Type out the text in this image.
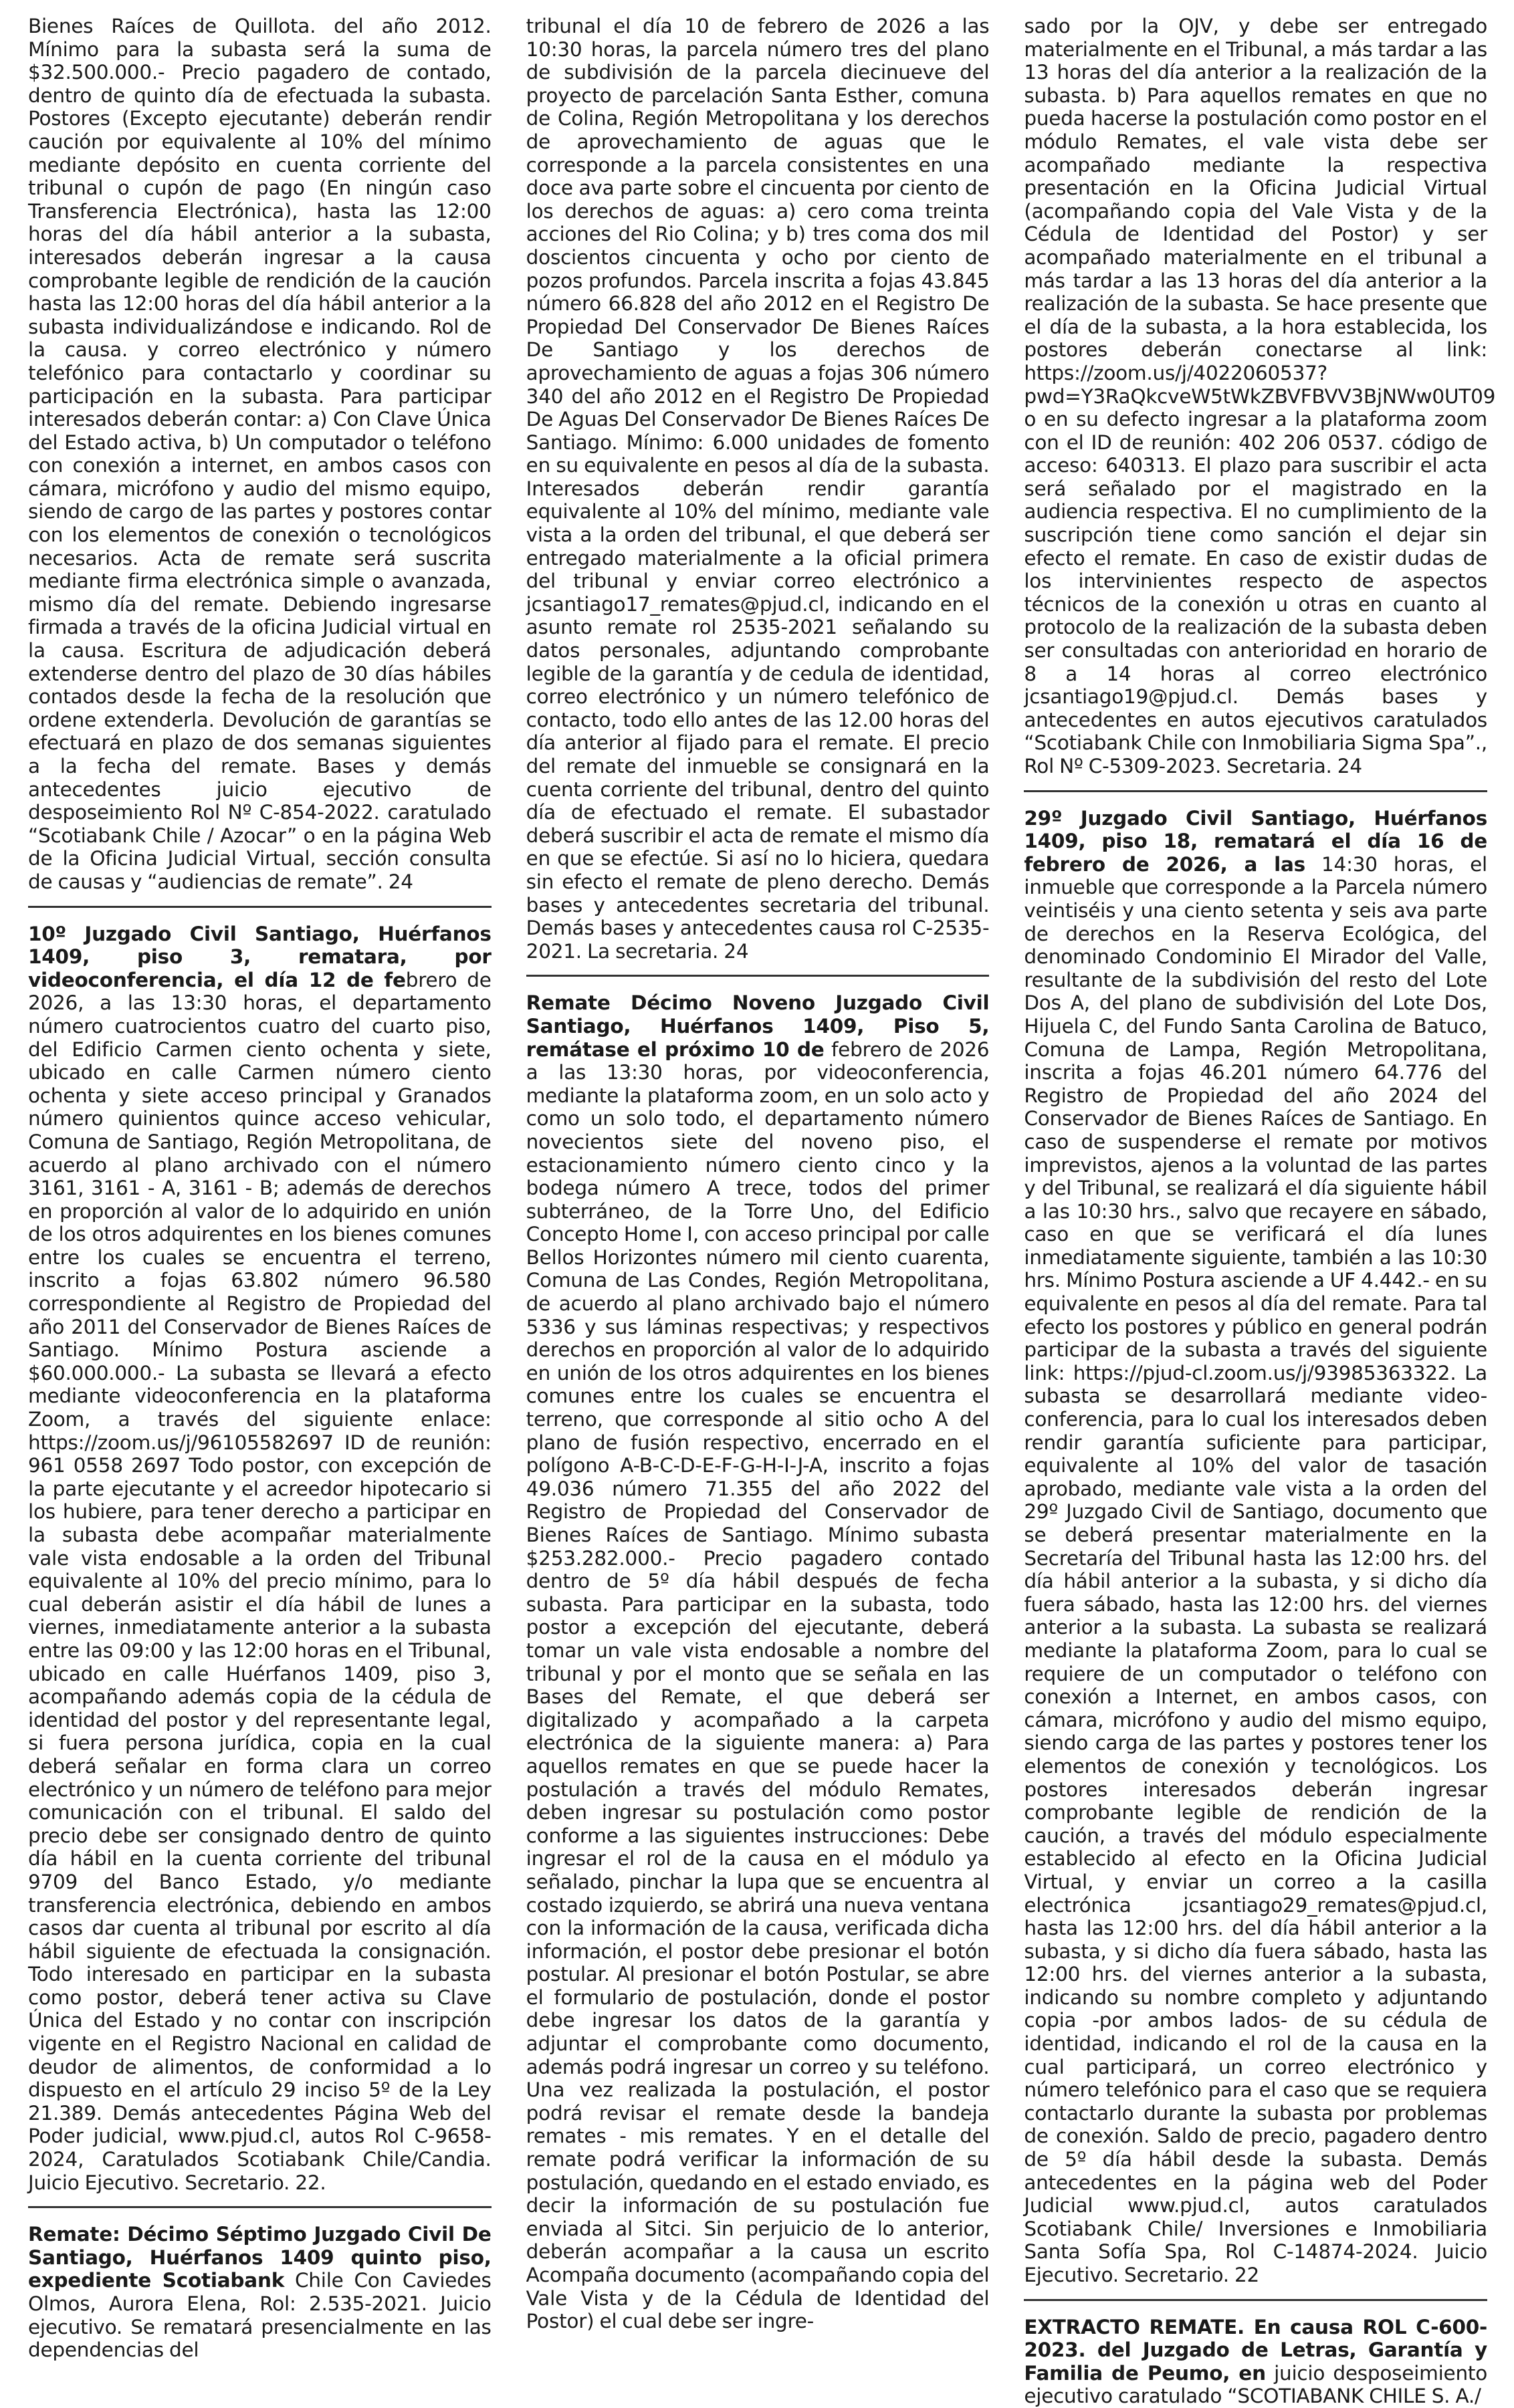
Bienes Raíces de Quillota. del año 2012. Mínimo para la subasta será la suma de $32.500.000.- Precio pagadero de contado, dentro de quinto día de efectuada la subasta. Postores (Excepto ejecutante) deberán rendir caución por equivalente al 10% del mínimo mediante depósito en cuenta corriente del tribunal o cupón de pago (En ningún caso Transferencia Electrónica), hasta las 12:00 horas del día hábil anterior a la subasta, interesados deberán ingresar a la causa comprobante legible de rendición de la caución hasta las 12:00 horas del día hábil anterior a la subasta individualizándose e indicando. Rol de la causa. y correo electrónico y número telefónico para contactarlo y coordinar su participación en la subasta. Para participar interesados deberán contar: a) Con Clave Única del Estado activa, b) Un computador o teléfono con conexión a internet, en ambos casos con cámara, micrófono y audio del mismo equipo, siendo de cargo de las partes y postores contar con los elementos de conexión o tecnológicos necesarios. Acta de remate será suscrita mediante firma electrónica simple o avanzada, mismo día del remate. Debiendo ingresarse firmada a través de la oficina Judicial virtual en la causa. Escritura de adjudicación deberá extenderse dentro del plazo de 30 días hábiles contados desde la fecha de la resolución que ordene extenderla. Devolución de garantías se efectuará en plazo de dos semanas siguientes a la fecha del remate. Bases y demás antecedentes juicio ejecutivo de desposeimiento Rol Nº C-854-2022. caratulado “Scotiabank Chile / Azocar” o en la página Web de la Oficina Judicial Virtual, sección consulta de causas y “audiencias de remate”. 24

10º Juzgado Civil Santiago, Huérfanos 1409, piso 3, rematara, por videoconferencia, el día 12 de febrero de 2026, a las 13:30 horas, el departamento número cuatrocientos cuatro del cuarto piso, del Edificio Carmen ciento ochenta y siete, ubicado en calle Carmen número ciento ochenta y siete acceso principal y Granados número quinientos quince acceso vehicular, Comuna de Santiago, Región Metropolitana, de acuerdo al plano archivado con el número 3161, 3161 - A, 3161 - B; además de derechos en proporción al valor de lo adquirido en unión de los otros adquirentes en los bienes comunes entre los cuales se encuentra el terreno, inscrito a fojas 63.802 número 96.580 correspondiente al Registro de Propiedad del año 2011 del Conservador de Bienes Raíces de Santiago. Mínimo Postura asciende a $60.000.000.- La subasta se llevará a efecto mediante videoconferencia en la plataforma Zoom, a través del siguiente enlace: https://zoom.us/j/96105582697 ID de reunión: 961 0558 2697 Todo postor, con excepción de la parte ejecutante y el acreedor hipotecario si los hubiere, para tener derecho a participar en la subasta debe acompañar materialmente vale vista endosable a la orden del Tribunal equivalente al 10% del precio mínimo, para lo cual deberán asistir el día hábil de lunes a viernes, inmediatamente anterior a la subasta entre las 09:00 y las 12:00 horas en el Tribunal, ubicado en calle Huérfanos 1409, piso 3, acompañando además copia de la cédula de identidad del postor y del representante legal, si fuera persona jurídica, copia en la cual deberá señalar en forma clara un correo electrónico y un número de teléfono para mejor comunicación con el tribunal. El saldo del precio debe ser consignado dentro de quinto día hábil en la cuenta corriente del tribunal 9709 del Banco Estado, y/o mediante transferencia electrónica, debiendo en ambos casos dar cuenta al tribunal por escrito al día hábil siguiente de efectuada la consignación. Todo interesado en participar en la subasta como postor, deberá tener activa su Clave Única del Estado y no contar con inscripción vigente en el Registro Nacional en calidad de deudor de alimentos, de conformidad a lo dispuesto en el artículo 29 inciso 5º de la Ley 21.389. Demás antecedentes Página Web del Poder judicial, www.pjud.cl, autos Rol C-9658-2024, Caratulados Scotiabank Chile/Candia. Juicio Ejecutivo. Secretario. 22.

Remate: Décimo Séptimo Juzgado Civil De Santiago, Huérfanos 1409 quinto piso, expediente Scotiabank Chile Con Caviedes Olmos, Aurora Elena, Rol: 2.535-2021. Juicio ejecutivo. Se rematará presencialmente en las dependencias del

tribunal el día 10 de febrero de 2026 a las 10:30 horas, la parcela número tres del plano de subdivisión de la parcela diecinueve del proyecto de parcelación Santa Esther, comuna de Colina, Región Metropolitana y los derechos de aprovechamiento de aguas que le corresponde a la parcela consistentes en una doce ava parte sobre el cincuenta por ciento de los derechos de aguas: a) cero coma treinta acciones del Rio Colina; y b) tres coma dos mil doscientos cincuenta y ocho por ciento de pozos profundos. Parcela inscrita a fojas 43.845 número 66.828 del año 2012 en el Registro De Propiedad Del Conservador De Bienes Raíces De Santiago y los derechos de aprovechamiento de aguas a fojas 306 número 340 del año 2012 en el Registro De Propiedad De Aguas Del Conservador De Bienes Raíces De Santiago. Mínimo: 6.000 unidades de fomento en su equivalente en pesos al día de la subasta. Interesados deberán rendir garantía equivalente al 10% del mínimo, mediante vale vista a la orden del tribunal, el que deberá ser entregado materialmente a la oficial primera del tribunal y enviar correo electrónico a jcsantiago17_remates@pjud.cl, indicando en el asunto remate rol 2535-2021 señalando su datos personales, adjuntando comprobante legible de la garantía y de cedula de identidad, correo electrónico y un número telefónico de contacto, todo ello antes de las 12.00 horas del día anterior al fijado para el remate. El precio del remate del inmueble se consignará en la cuenta corriente del tribunal, dentro del quinto día de efectuado el remate. El subastador deberá suscribir el acta de remate el mismo día en que se efectúe. Si así no lo hiciera, quedara sin efecto el remate de pleno derecho. Demás bases y antecedentes secretaria del tribunal. Demás bases y antecedentes causa rol C-2535-2021. La secretaria. 24

Remate Décimo Noveno Juzgado Civil Santiago, Huérfanos 1409, Piso 5, remátase el próximo 10 de febrero de 2026 a las 13:30 horas, por videoconferencia, mediante la plataforma zoom, en un solo acto y como un solo todo, el departamento número novecientos siete del noveno piso, el estacionamiento número ciento cinco y la bodega número A trece, todos del primer subterráneo, de la Torre Uno, del Edificio Concepto Home I, con acceso principal por calle Bellos Horizontes número mil ciento cuarenta, Comuna de Las Condes, Región Metropolitana, de acuerdo al plano archivado bajo el número 5336 y sus láminas respectivas; y respectivos derechos en proporción al valor de lo adquirido en unión de los otros adquirentes en los bienes comunes entre los cuales se encuentra el terreno, que corresponde al sitio ocho A del plano de fusión respectivo, encerrado en el polígono A-B-C-D-E-F-G-H-I-J-A, inscrito a fojas 49.036 número 71.355 del año 2022 del Registro de Propiedad del Conservador de Bienes Raíces de Santiago. Mínimo subasta $253.282.000.- Precio pagadero contado dentro de 5º día hábil después de fecha subasta. Para participar en la subasta, todo postor a excepción del ejecutante, deberá tomar un vale vista endosable a nombre del tribunal y por el monto que se señala en las Bases del Remate, el que deberá ser digitalizado y acompañado a la carpeta electrónica de la siguiente manera: a) Para aquellos remates en que se puede hacer la postulación a través del módulo Remates, deben ingresar su postulación como postor conforme a las siguientes instrucciones: Debe ingresar el rol de la causa en el módulo ya señalado, pinchar la lupa que se encuentra al costado izquierdo, se abrirá una nueva ventana con la información de la causa, verificada dicha información, el postor debe presionar el botón postular. Al presionar el botón Postular, se abre el formulario de postulación, donde el postor debe ingresar los datos de la garantía y adjuntar el comprobante como documento, además podrá ingresar un correo y su teléfono. Una vez realizada la postulación, el postor podrá revisar el remate desde la bandeja remates - mis remates. Y en el detalle del remate podrá verificar la información de su postulación, quedando en el estado enviado, es decir la información de su postulación fue enviada al Sitci. Sin perjuicio de lo anterior, deberán acompañar a la causa un escrito Acompaña documento (acompañando copia del Vale Vista y de la Cédula de Identidad del Postor) el cual debe ser ingre-

sado por la OJV, y debe ser entregado materialmente en el Tribunal, a más tardar a las 13 horas del día anterior a la realización de la subasta. b) Para aquellos remates en que no pueda hacerse la postulación como postor en el módulo Remates, el vale vista debe ser acompañado mediante la respectiva presentación en la Oficina Judicial Virtual (acompañando copia del Vale Vista y de la Cédula de Identidad del Postor) y ser acompañado materialmente en el tribunal a más tardar a las 13 horas del día anterior a la realización de la subasta. Se hace presente que el día de la subasta, a la hora establecida, los postores deberán conectarse al link: https://zoom.us/j/4022060537?pwd=Y3RaQkcveW5tWkZBVFBVV3BjNWw0UT09 o en su defecto ingresar a la plataforma zoom con el ID de reunión: 402 206 0537. código de acceso: 640313. El plazo para suscribir el acta será señalado por el magistrado en la audiencia respectiva. El no cumplimiento de la suscripción tiene como sanción el dejar sin efecto el remate. En caso de existir dudas de los intervinientes respecto de aspectos técnicos de la conexión u otras en cuanto al protocolo de la realización de la subasta deben ser consultadas con anterioridad en horario de 8 a 14 horas al correo electrónico jcsantiago19@pjud.cl. Demás bases y antecedentes en autos ejecutivos caratulados “Scotiabank Chile con Inmobiliaria Sigma Spa”., Rol Nº C-5309-2023. Secretaria. 24

29º Juzgado Civil Santiago, Huérfanos 1409, piso 18, rematará el día 16 de febrero de 2026, a las 14:30 horas, el inmueble que corresponde a la Parcela número veintiséis y una ciento setenta y seis ava parte de derechos en la Reserva Ecológica, del denominado Condominio El Mirador del Valle, resultante de la subdivisión del resto del Lote Dos A, del plano de subdivisión del Lote Dos, Hijuela C, del Fundo Santa Carolina de Batuco, Comuna de Lampa, Región Metropolitana, inscrita a fojas 46.201 número 64.776 del Registro de Propiedad del año 2024 del Conservador de Bienes Raíces de Santiago. En caso de suspenderse el remate por motivos imprevistos, ajenos a la voluntad de las partes y del Tribunal, se realizará el día siguiente hábil a las 10:30 hrs., salvo que recayere en sábado, caso en que se verificará el día lunes inmediatamente siguiente, también a las 10:30 hrs. Mínimo Postura asciende a UF 4.442.- en su equivalente en pesos al día del remate. Para tal efecto los postores y público en general podrán participar de la subasta a través del siguiente link: https://pjud-cl.zoom.us/j/93985363322. La subasta se desarrollará mediante video-conferencia, para lo cual los interesados deben rendir garantía suficiente para participar, equivalente al 10% del valor de tasación aprobado, mediante vale vista a la orden del 29º Juzgado Civil de Santiago, documento que se deberá presentar materialmente en la Secretaría del Tribunal hasta las 12:00 hrs. del día hábil anterior a la subasta, y si dicho día fuera sábado, hasta las 12:00 hrs. del viernes anterior a la subasta. La subasta se realizará mediante la plataforma Zoom, para lo cual se requiere de un computador o teléfono con conexión a Internet, en ambos casos, con cámara, micrófono y audio del mismo equipo, siendo carga de las partes y postores tener los elementos de conexión y tecnológicos. Los postores interesados deberán ingresar comprobante legible de rendición de la caución, a través del módulo especialmente establecido al efecto en la Oficina Judicial Virtual, y enviar un correo a la casilla electrónica jcsantiago29_remates@pjud.cl, hasta las 12:00 hrs. del día hábil anterior a la subasta, y si dicho día fuera sábado, hasta las 12:00 hrs. del viernes anterior a la subasta, indicando su nombre completo y adjuntando copia -por ambos lados- de su cédula de identidad, indicando el rol de la causa en la cual participará, un correo electrónico y número telefónico para el caso que se requiera contactarlo durante la subasta por problemas de conexión. Saldo de precio, pagadero dentro de 5º día hábil desde la subasta. Demás antecedentes en la página web del Poder Judicial www.pjud.cl, autos caratulados Scotiabank Chile/ Inversiones e Inmobiliaria Santa Sofía Spa, Rol C-14874-2024. Juicio Ejecutivo. Secretario. 22

EXTRACTO REMATE. En causa ROL C-600-2023. del Juzgado de Letras, Garantía y Familia de Peumo, en juicio desposeimiento ejecutivo caratulado “SCOTIABANK CHILE S. A./
